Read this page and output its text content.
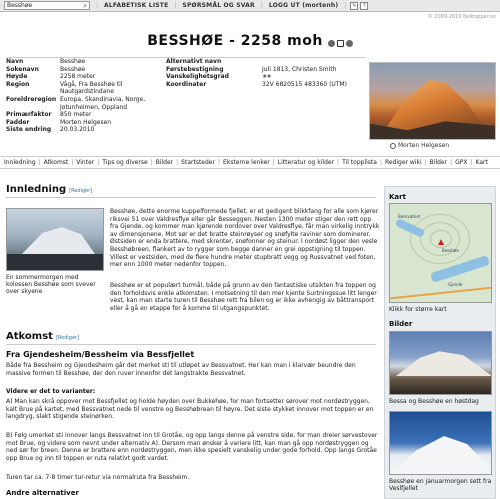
Besshøe	⌕ |	ALFABETISK LISTE	|	SPØRSMÅL OG SVAR	|	LOGG UT (mortenh)	|	✎	?
© 2009-2010 fjelltopper.no
BESSHØE - 2258 moh
Navn	Besshøe
Sokenavn	Besshøe
Høyde	2258 meter
Region	Vågå, Fra Besshøe til
Nautgardstindane
Foreldreregion Europa, Skandinavia, Norge,
Jotunheimen, Oppland
Primærfaktor	850 meter
Fadder	Morten Helgesen
Siste endring	20.03.2010
Alternativt navn
Førstebestigning	Juli 1813, Christen Smith
Vanskelighetsgrad	★★
Koordinater	32V 6820515 483360 (UTM)
Morten Helgesen
Innledning | Atkomst | Vinter | Tips og diverse | Bilder | Startsteder | Eksterne lenker | Litteratur og kilder | Til topplista | Rediger wiki | Bilder | GPX | Kart
Innledning [Rediger]
En sommermorgen med kolossen Besshøe som svever over skyene
Besshøe, dette enorme kuppelformede fjellet, er et gedigent blikkfang for alle som kjører riksvei 51 over Valdresflye eller går Besseggen. Nesten 1300 meter stiger den rett opp fra Gjende, og kommer man kjørende nordover over Valdresflye, får man virkelig inntrykk av dimensjonene. Mot sør er det bratte steinrøyser og snøfylte raviner som dominerer. Østsiden er enda brattere, med skrenter, snøfonner og steinur. I nordøst ligger den vesle Besshøbreen, flankert av to rygger som begge danner en grei oppstigning til toppen. Villest er vestsiden, med de flere hundre meter stupbratt vegg og Russvatnet ved foten, mer enn 1000 meter nedenfor toppen.
Besshøe er et populært turmål, både på grunn av den fantastiske utsikten fra toppen og den forholdsvis enkle atkomsten. I motsetning til den mer kjente Surtningssue litt lenger vest, kan man starte turen til Besshøe rett fra bilen og er ikke avhengig av båttransport eller å gå en etappe for å komme til utgangspunktet.
Atkomst [Rediger]
Fra Gjendesheim/Bessheim via Bessfjellet
Både fra Bessheim og Gjendesheim går det merket sti til utløpet av Bessvatnet. Her kan man i klarvær beundre den massive formen til Besshøe, der den ruver innenfor det langstrakte Bessvatnet.
Videre er det to varianter:
A) Man kan skrå oppover mot Bessfjellet og holde høyden over Bukkehøe, for man fortsetter sørover mot nordøstryggen, kalt Brue på kartet, med Bessvatnet nede til venstre og Besshøbrean til høyre. Det siste stykket innover mot toppen er en langdryg, slakt stigende steinørken.
B) Følg umerket sti innover langs Bessvatnet inn til Grotåe, og opp langs denne på venstre side, for man dreier sørvestover mot Brue, og videre som nevnt under alternativ A). Dersom man ønsker å variere litt, kan man gå opp nordøstryggen og ned sør for breen. Denne er brattere enn nordøstryggen, men ikke spesielt vanskelig under gode forhold. Opp langs Grotåe opp Brue og inn til toppen er ruta relativt godt vardet.
Turen tar ca. 7-8 timer tur-retur via normalruta fra Bessheim.
Andre alternativer
Kart
Bessvatnet
Gjende
Besshøe
Klikk for større kart
Bilder
Bessa og Besshøe en høstdag
Besshøe en januarmorgen sett fra Veslfjellet
